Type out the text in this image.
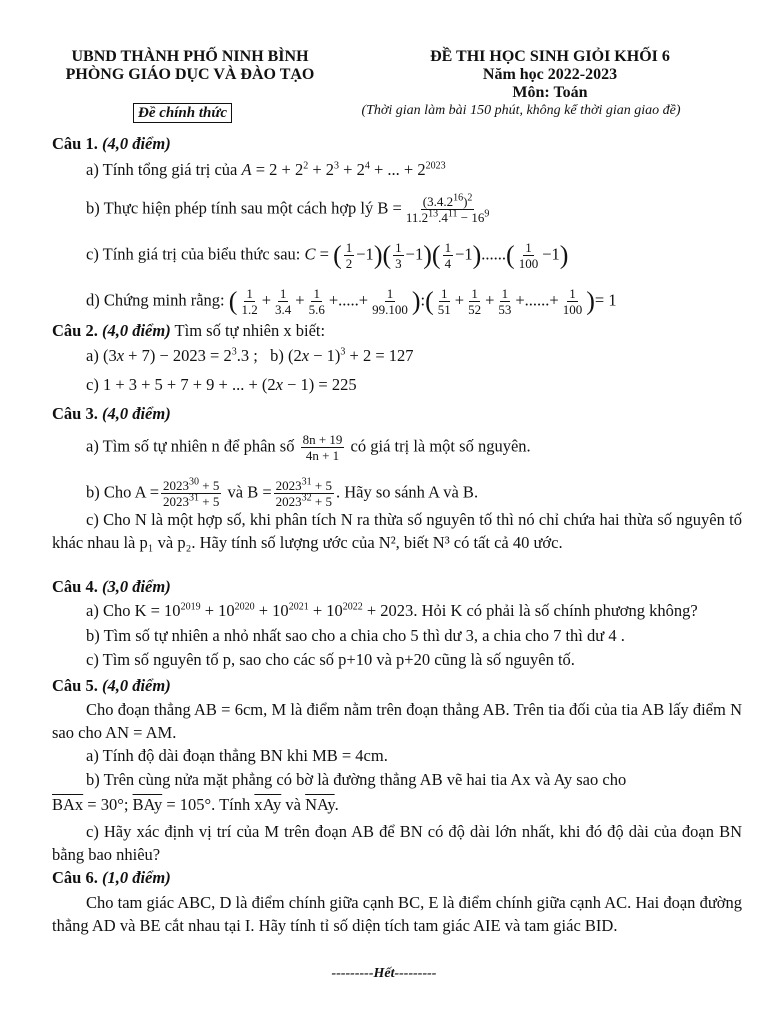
UBND THÀNH PHỐ NINH BÌNH
PHÒNG GIÁO DỤC VÀ ĐÀO TẠO
Đề chính thức
ĐỀ THI HỌC SINH GIỎI KHỐI 6
Năm học 2022-2023
Môn: Toán
(Thời gian làm bài 150 phút, không kể thời gian giao đề)
Câu 1. (4,0 điểm)
a) Tính tổng giá trị của $A = 2 + 2^2 + 2^3 + 2^4$ + ... + $2^{2023}$
b) Thực hiện phép tính sau một cách hợp lý $B = \frac{(3.4.2^{16})^2}{11.2^{13}.4^{11} - 16^9}$
c) Tính giá trị của biểu thức sau: C = ( $\frac{1}{2} -1)( \frac{1}{3} -1)( \frac{1}{4} -1)......( \frac{1}{100} -1)$
d) Chứng minh rằng: ( $\frac{1}{1.2} + \frac{1}{3.4} + \frac{1}{5.6}$ +.....+ $\frac{1}{99.100}$ ):( $\frac{1}{51} + \frac{1}{52} + \frac{1}{53}$ +......+ $\frac{1}{100}$ )= 1
Câu 2. (4,0 điểm) Tìm số tự nhiên x biết:
a) $(3x + 7) - 2023 = 2^3.3$ ;   b) $(2x - 1)^3 + 2 = 127$
c) 1 + 3 + 5 + 7 + 9 + ... + (2x − 1) = 225
Câu 3. (4,0 điểm)
a) Tìm số tự nhiên n để phân số $\frac{8n + 19}{4n + 1}$ có giá trị là một số nguyên.
b) Cho $A = \frac{2023^{30} + 5}{2023^{31} + 5}$ và $B = \frac{2023^{31} + 5}{2023^{32} + 5}$ . Hãy so sánh A và B.
c) Cho N là một hợp số, khi phân tích N ra thừa số nguyên tố thì nó chỉ chứa hai thừa số nguyên tố khác nhau là p₁ và p₂. Hãy tính số lượng ước của N², biết N³ có tất cả 40 ước.
Câu 4. (3,0 điểm)
a) Cho $K = 10^{2019} + 10^{2020} + 10^{2021} + 10^{2022} + 2023$. Hỏi K có phải là số chính phương không?
b) Tìm số tự nhiên a nhỏ nhất sao cho a chia cho 5 thì dư 3, a chia cho 7 thì dư 4 .
c) Tìm số nguyên tố p, sao cho các số p+10 và p+20 cũng là số nguyên tố.
Câu 5. (4,0 điểm)
Cho đoạn thẳng AB = 6cm, M là điểm nằm trên đoạn thẳng AB. Trên tia đối của tia AB lấy điểm N sao cho AN = AM.
a) Tính độ dài đoạn thẳng BN khi MB = 4cm.
b) Trên cùng nửa mặt phẳng có bờ là đường thẳng AB vẽ hai tia Ax và Ay sao cho
$\overline{BAx} = 30^\circ$; $\overline{BAy} = 105^\circ$. Tính $\overline{xAy}$ và $\overline{NAy}$.
c) Hãy xác định vị trí của M trên đoạn AB để BN có độ dài lớn nhất, khi đó độ dài của đoạn BN bằng bao nhiêu?
Câu 6. (1,0 điểm)
Cho tam giác ABC, D là điểm chính giữa cạnh BC, E là điểm chính giữa cạnh AC. Hai đoạn đường thẳng AD và BE cắt nhau tại I. Hãy tính tỉ số diện tích tam giác AIE và tam giác BID.
---------Hết---------
